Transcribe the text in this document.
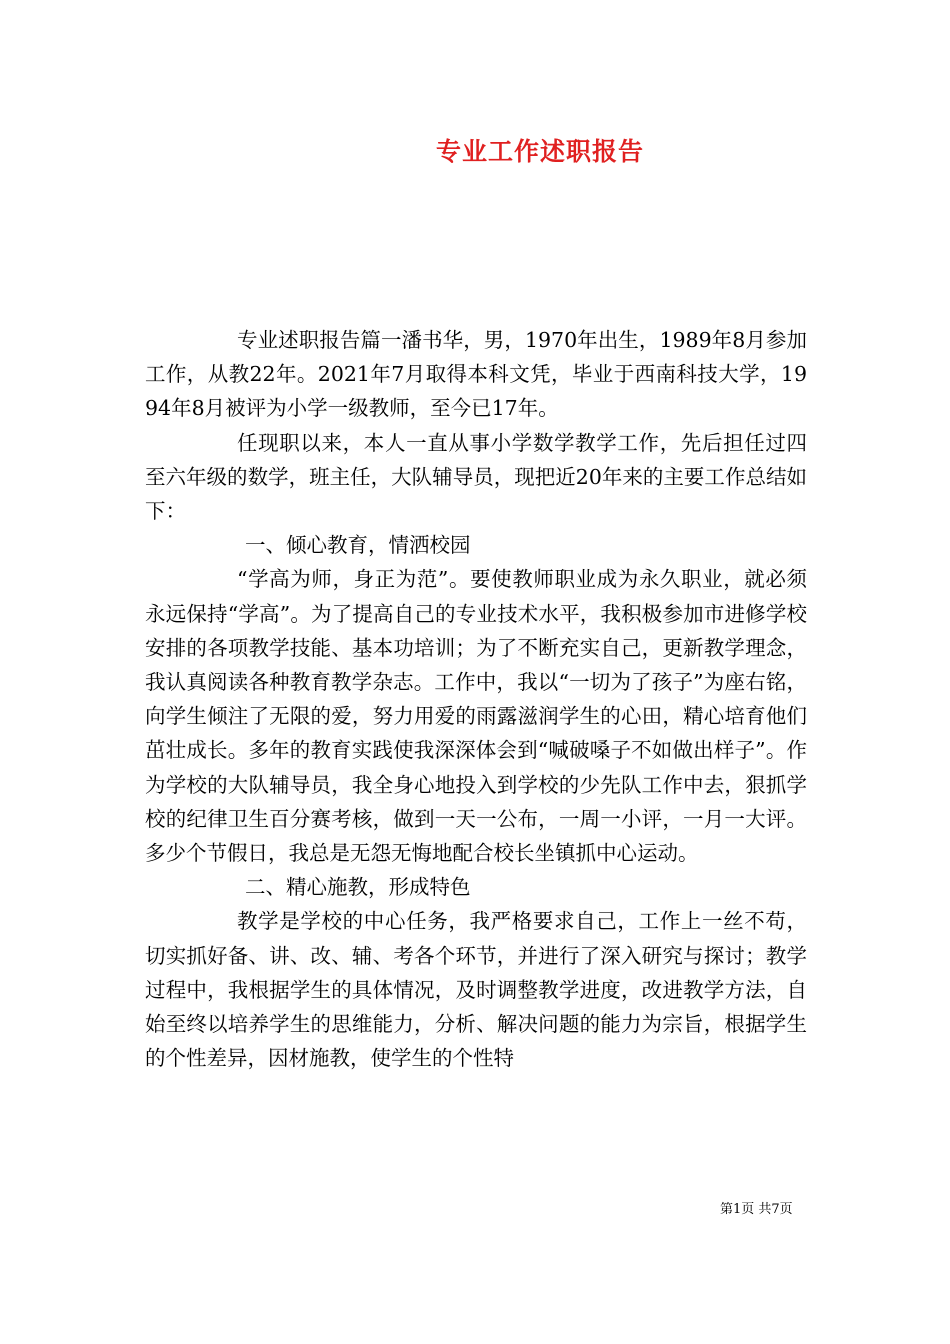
专业工作述职报告

专业述职报告篇一潘书华，男，1970年出生，1989年8月参加工作，从教22年。2021年7月取得本科文凭，毕业于西南科技大学，1994年8月被评为小学一级教师，至今已17年。

任现职以来，本人一直从事小学数学教学工作，先后担任过四至六年级的数学，班主任，大队辅导员，现把近20年来的主要工作总结如下：

一、倾心教育，情洒校园

“学高为师，身正为范”。要使教师职业成为永久职业，就必须永远保持“学高”。为了提高自己的专业技术水平，我积极参加市进修学校安排的各项教学技能、基本功培训；为了不断充实自己，更新教学理念，我认真阅读各种教育教学杂志。工作中，我以“一切为了孩子”为座右铭，向学生倾注了无限的爱，努力用爱的雨露滋润学生的心田，精心培育他们茁壮成长。多年的教育实践使我深深体会到“喊破嗓子不如做出样子”。作为学校的大队辅导员，我全身心地投入到学校的少先队工作中去，狠抓学校的纪律卫生百分赛考核，做到一天一公布，一周一小评，一月一大评。多少个节假日，我总是无怨无悔地配合校长坐镇抓中心运动。

二、精心施教，形成特色

教学是学校的中心任务，我严格要求自己，工作上一丝不苟，切实抓好备、讲、改、辅、考各个环节，并进行了深入研究与探讨；教学过程中，我根据学生的具体情况，及时调整教学进度，改进教学方法，自始至终以培养学生的思维能力，分析、解决问题的能力为宗旨，根据学生的个性差异，因材施教，使学生的个性特

第1页 共7页
